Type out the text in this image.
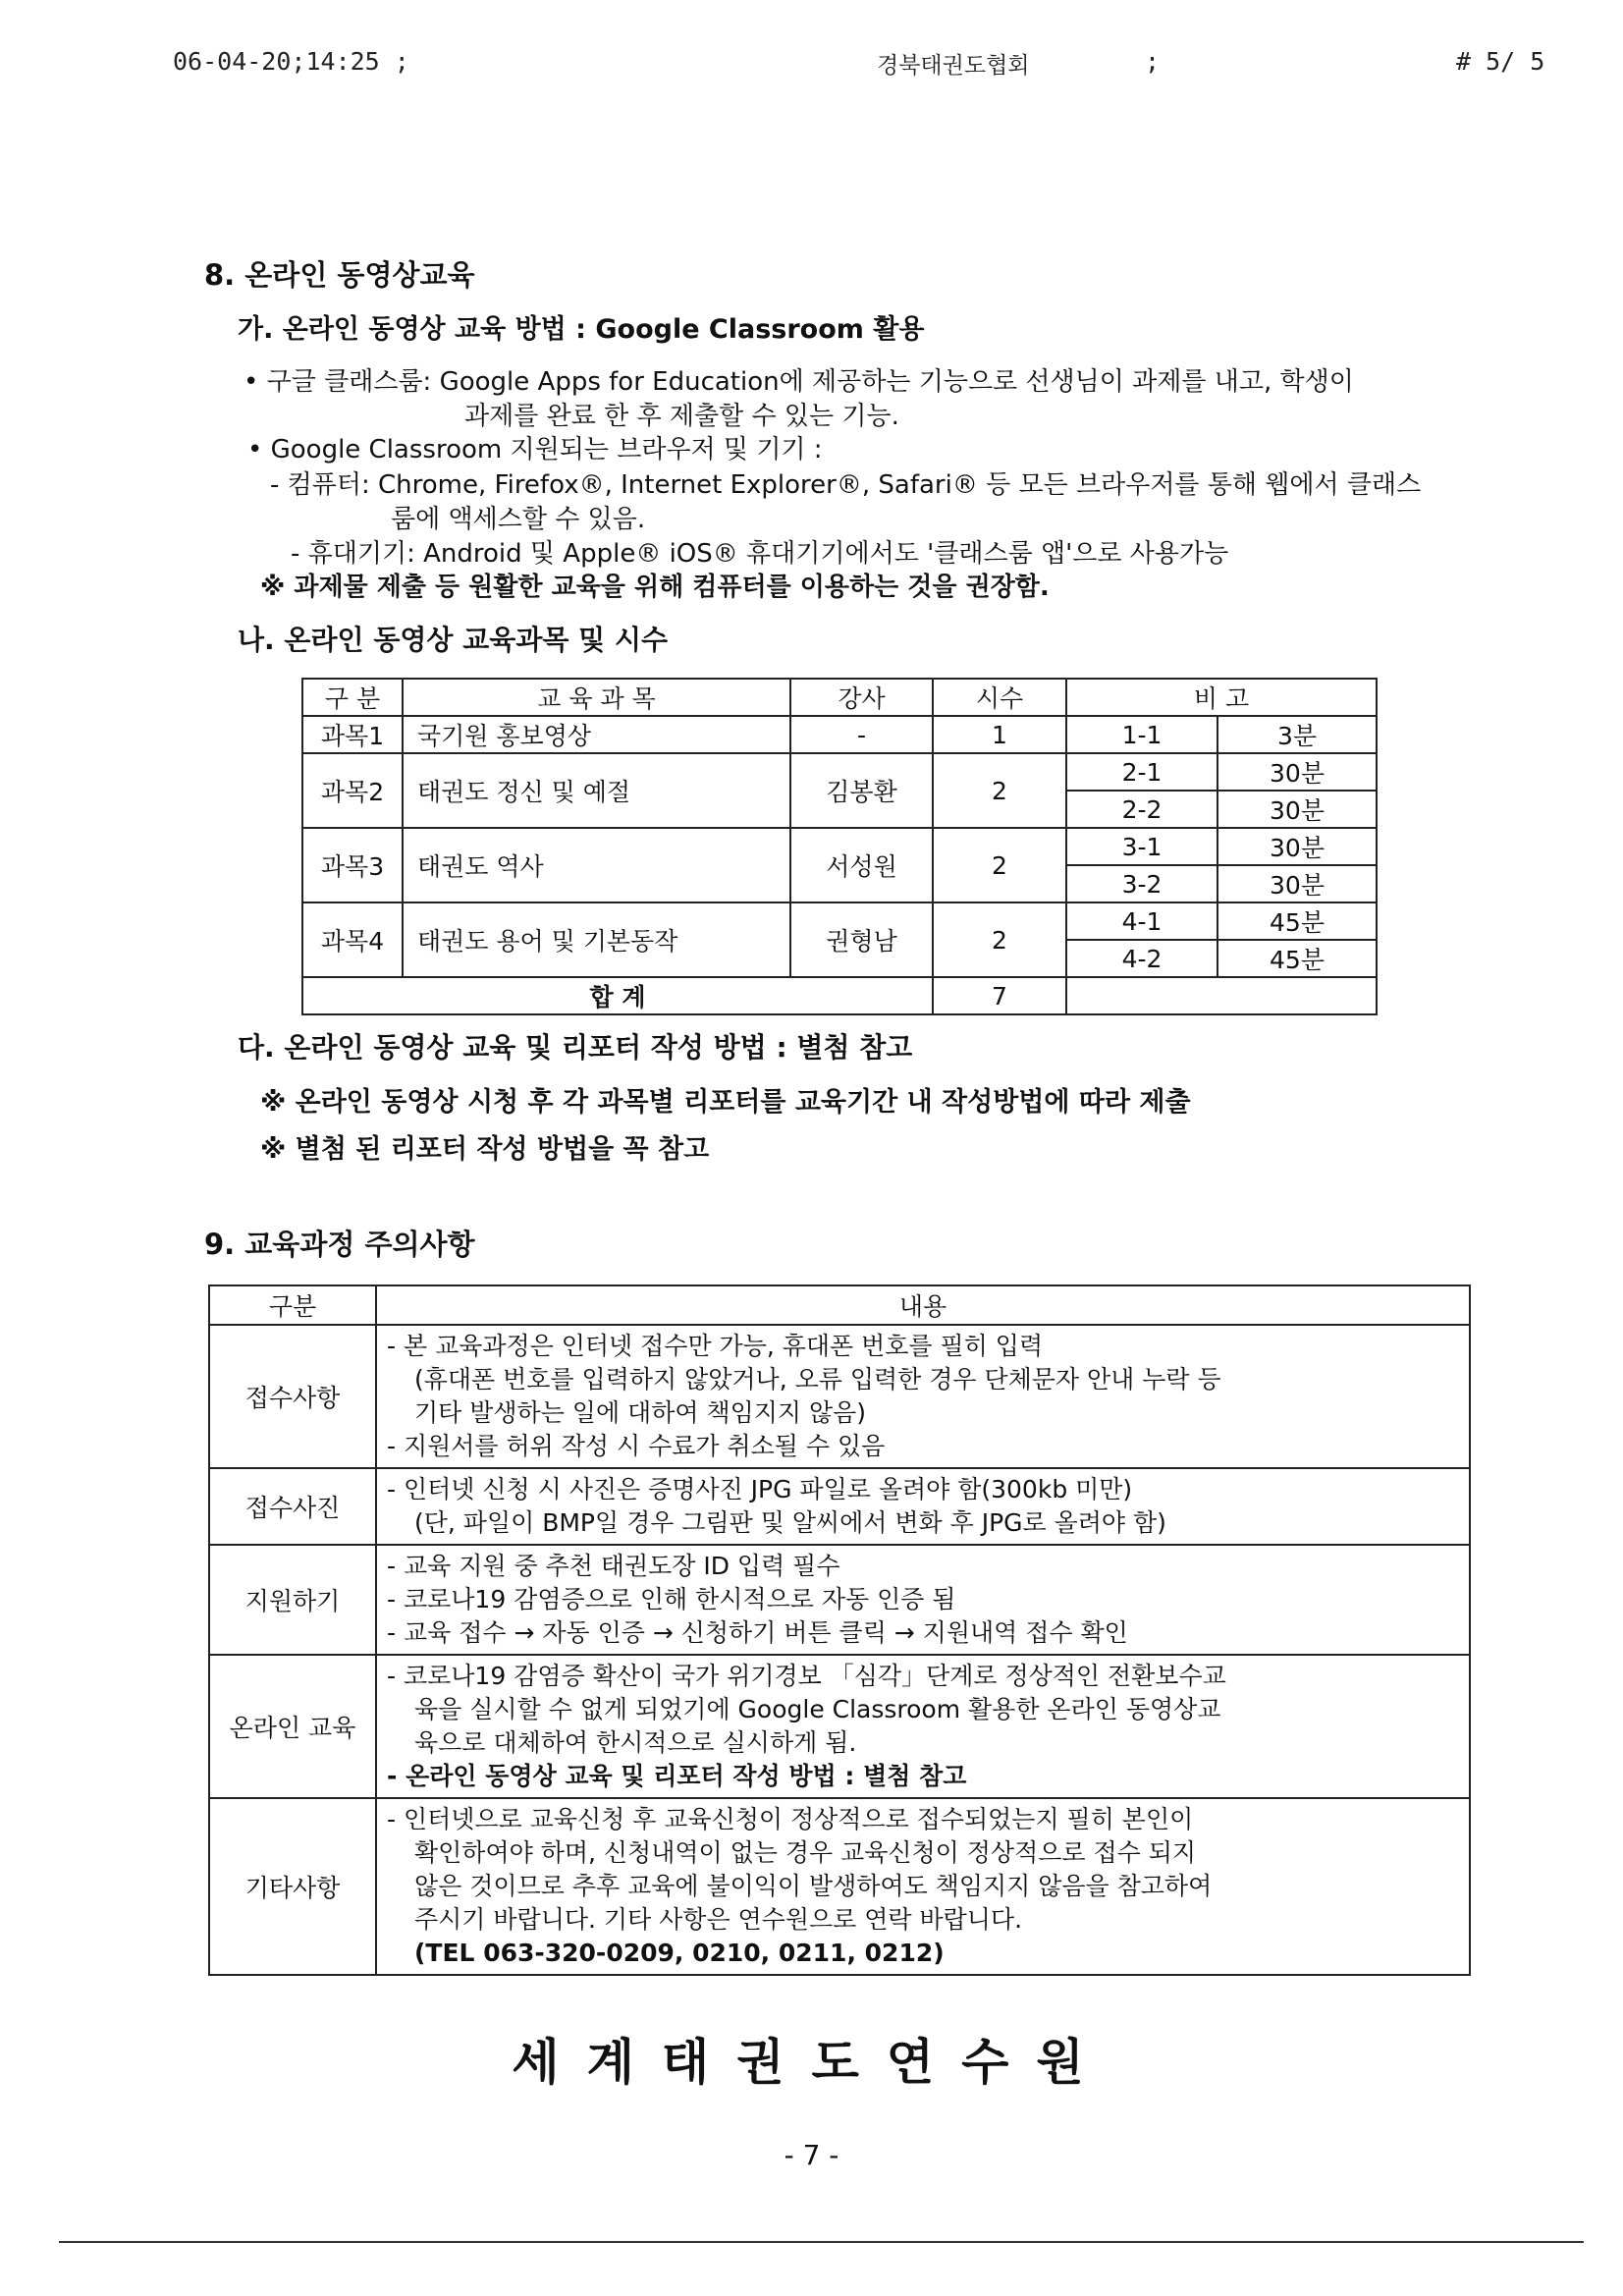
06-04-20;14:25 ;	경북태권도협회	;	# 5/ 5
8. 온라인 동영상교육
가. 온라인 동영상 교육 방법 : Google Classroom 활용
• 구글 클래스룸: Google Apps for Education에 제공하는 기능으로 선생님이 과제를 내고, 학생이
과제를 완료 한 후 제출할 수 있는 기능.
• Google Classroom 지원되는 브라우저 및 기기 :
- 컴퓨터: Chrome, Firefox®, Internet Explorer®, Safari® 등 모든 브라우저를 통해 웹에서 클래스
룸에 액세스할 수 있음.
- 휴대기기: Android 및 Apple® iOS® 휴대기기에서도 '클래스룸 앱'으로 사용가능
※ 과제물 제출 등 원활한 교육을 위해 컴퓨터를 이용하는 것을 권장함.
나. 온라인 동영상 교육과목 및 시수
구 분	교 육 과 목	강사	시수	비 고	
과목1	국기원 홍보영상	-	1	1-1	3분
과목2	태권도 정신 및 예절	김봉환	2	2-1	30분
				2-2	30분
과목3	태권도 역사	서성원	2	3-1	30분
				3-2	30분
과목4	태권도 용어 및 기본동작	권형남	2	4-1	45분
				4-2	45분
합 계			7		
다. 온라인 동영상 교육 및 리포터 작성 방법 : 별첨 참고
※ 온라인 동영상 시청 후 각 과목별 리포터를 교육기간 내 작성방법에 따라 제출
※ 별첨 된 리포터 작성 방법을 꼭 참고
9. 교육과정 주의사항
구분	내용
접수사항	- 본 교육과정은 인터넷 접수만 가능, 휴대폰 번호를 필히 입력
(휴대폰 번호를 입력하지 않았거나, 오류 입력한 경우 단체문자 안내 누락 등
기타 발생하는 일에 대하여 책임지지 않음)
- 지원서를 허위 작성 시 수료가 취소될 수 있음

접수사진	- 인터넷 신청 시 사진은 증명사진 JPG 파일로 올려야 함(300kb 미만)
(단, 파일이 BMP일 경우 그림판 및 알씨에서 변화 후 JPG로 올려야 함)

지원하기	- 교육 지원 중 추천 태권도장 ID 입력 필수
- 코로나19 감염증으로 인해 한시적으로 자동 인증 됨
- 교육 접수 → 자동 인증 → 신청하기 버튼 클릭 → 지원내역 접수 확인

온라인 교육	- 코로나19 감염증 확산이 국가 위기경보 「심각」단계로 정상적인 전환보수교
육을 실시할 수 없게 되었기에 Google Classroom 활용한 온라인 동영상교
육으로 대체하여 한시적으로 실시하게 됨.
- 온라인 동영상 교육 및 리포터 작성 방법 : 별첨 참고

기타사항	- 인터넷으로 교육신청 후 교육신청이 정상적으로 접수되었는지 필히 본인이
확인하여야 하며, 신청내역이 없는 경우 교육신청이 정상적으로 접수 되지
않은 것이므로 추후 교육에 불이익이 발생하여도 책임지지 않음을 참고하여
주시기 바랍니다. 기타 사항은 연수원으로 연락 바랍니다.
(TEL 063-320-0209, 0210, 0211, 0212)
세계태권도연수원
- 7 -
